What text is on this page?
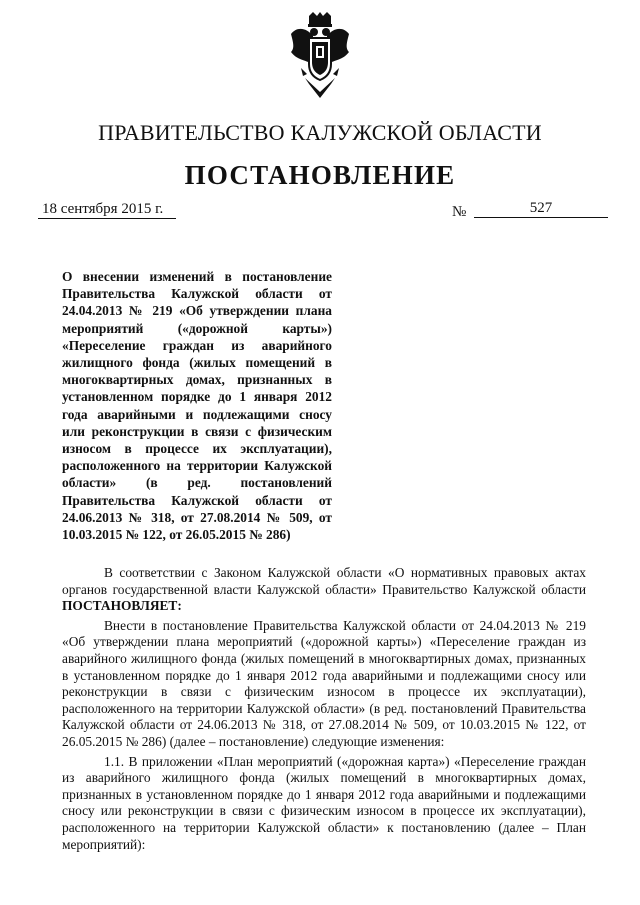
ПРАВИТЕЛЬСТВО КАЛУЖСКОЙ ОБЛАСТИ
ПОСТАНОВЛЕНИЕ
18 сентября 2015 г.	№	527
О внесении изменений в постановление Правительства Калужской области от 24.04.2013 № 219 «Об утверждении плана мероприятий («дорожной карты») «Переселение граждан из аварийного жилищного фонда (жилых помещений в многоквартирных домах, признанных в установленном порядке до 1 января 2012 года аварийными и подлежащими сносу или реконструкции в связи с физическим износом в процессе их эксплуатации), расположенного на территории Калужской области» (в ред. постановлений Правительства Калужской области от 24.06.2013 № 318, от 27.08.2014 № 509, от 10.03.2015 № 122, от 26.05.2015 № 286)

В соответствии с Законом Калужской области «О нормативных правовых актах органов государственной власти Калужской области» Правительство Калужской области ПОСТАНОВЛЯЕТ:

Внести в постановление Правительства Калужской области от 24.04.2013 № 219 «Об утверждении плана мероприятий («дорожной карты») «Переселение граждан из аварийного жилищного фонда (жилых помещений в многоквартирных домах, признанных в установленном порядке до 1 января 2012 года аварийными и подлежащими сносу или реконструкции в связи с физическим износом в процессе их эксплуатации), расположенного на территории Калужской области» (в ред. постановлений Правительства Калужской области от 24.06.2013 № 318, от 27.08.2014 № 509, от 10.03.2015 № 122, от 26.05.2015 № 286) (далее – постановление) следующие изменения:

1.1. В приложении «План мероприятий («дорожная карта») «Переселение граждан из аварийного жилищного фонда (жилых помещений в многоквартирных домах, признанных в установленном порядке до 1 января 2012 года аварийными и подлежащими сносу или реконструкции в связи с физическим износом в процессе их эксплуатации), расположенного на территории Калужской области» к постановлению (далее – План мероприятий):
